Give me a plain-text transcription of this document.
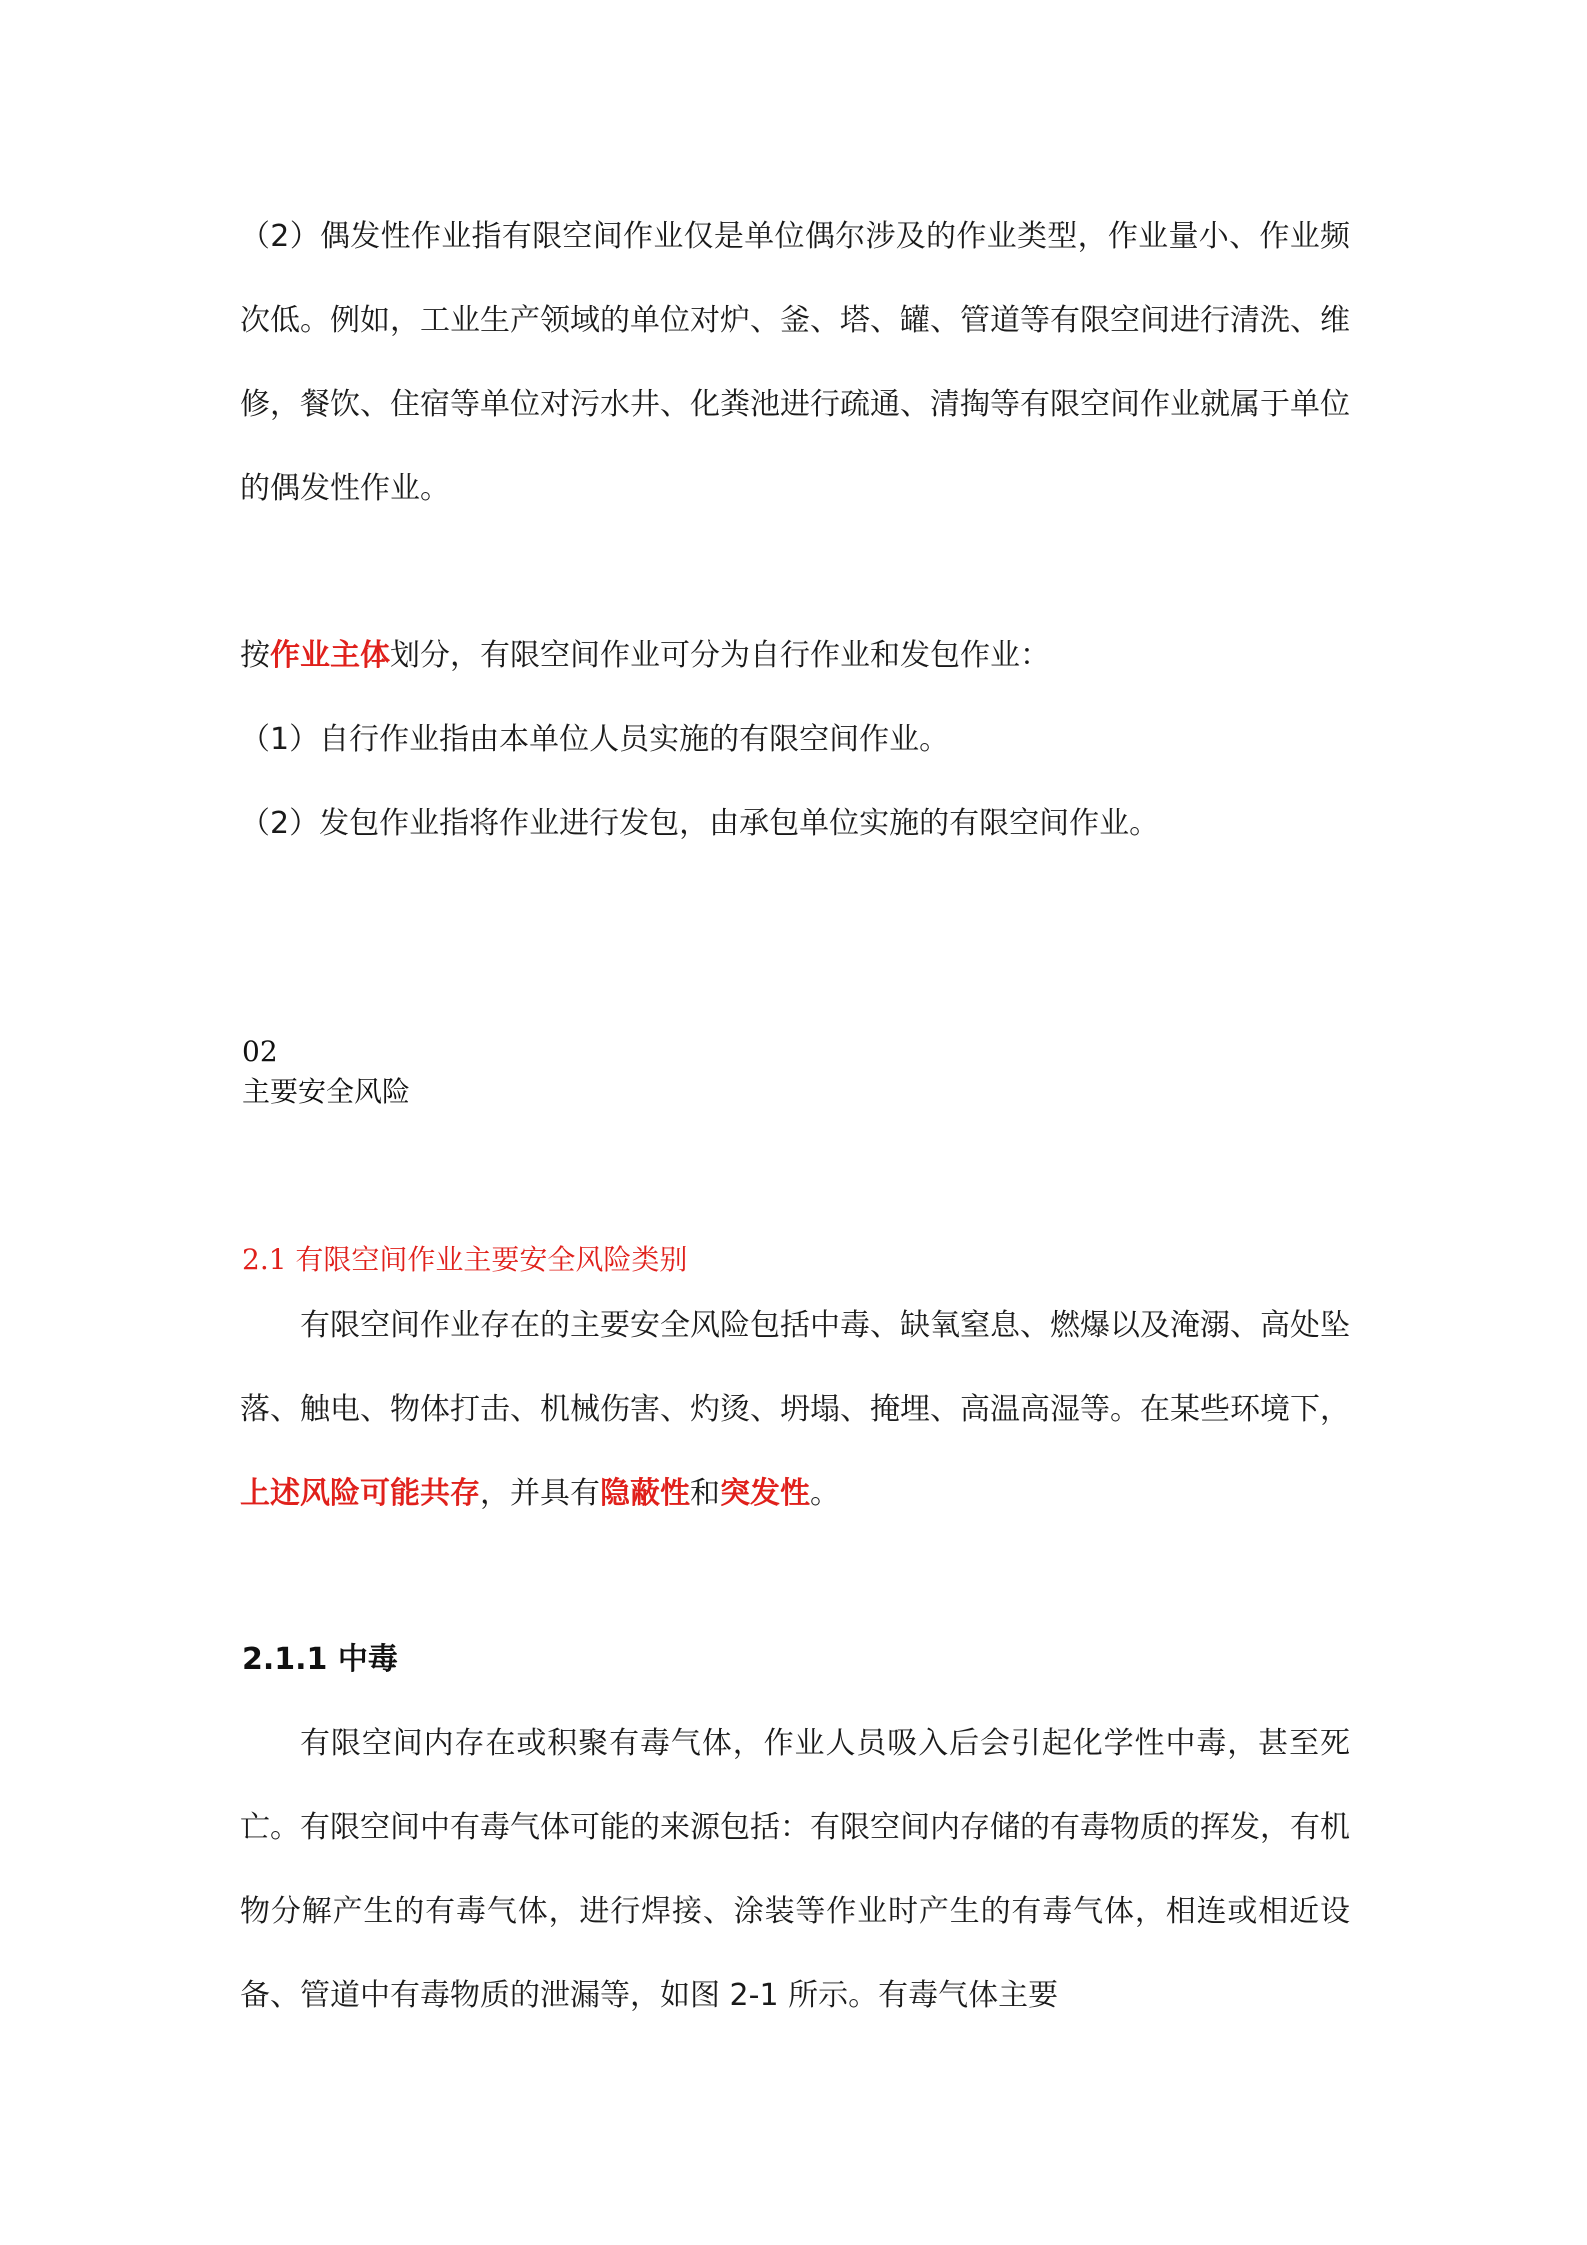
（2）偶发性作业指有限空间作业仅是单位偶尔涉及的作业类型，作业量小、作业频次低。例如，工业生产领域的单位对炉、釜、塔、罐、管道等有限空间进行清洗、维修，餐饮、住宿等单位对污水井、化粪池进行疏通、清掏等有限空间作业就属于单位的偶发性作业。

按作业主体划分，有限空间作业可分为自行作业和发包作业：

（1）自行作业指由本单位人员实施的有限空间作业。

（2）发包作业指将作业进行发包，由承包单位实施的有限空间作业。

02

主要安全风险

2.1 有限空间作业主要安全风险类别

有限空间作业存在的主要安全风险包括中毒、缺氧窒息、燃爆以及淹溺、高处坠落、触电、物体打击、机械伤害、灼烫、坍塌、掩埋、高温高湿等。在某些环境下，上述风险可能共存，并具有隐蔽性和突发性。

2.1.1 中毒

有限空间内存在或积聚有毒气体，作业人员吸入后会引起化学性中毒，甚至死亡。有限空间中有毒气体可能的来源包括：有限空间内存储的有毒物质的挥发，有机物分解产生的有毒气体，进行焊接、涂装等作业时产生的有毒气体，相连或相近设备、管道中有毒物质的泄漏等，如图 2-1 所示。有毒气体主要
